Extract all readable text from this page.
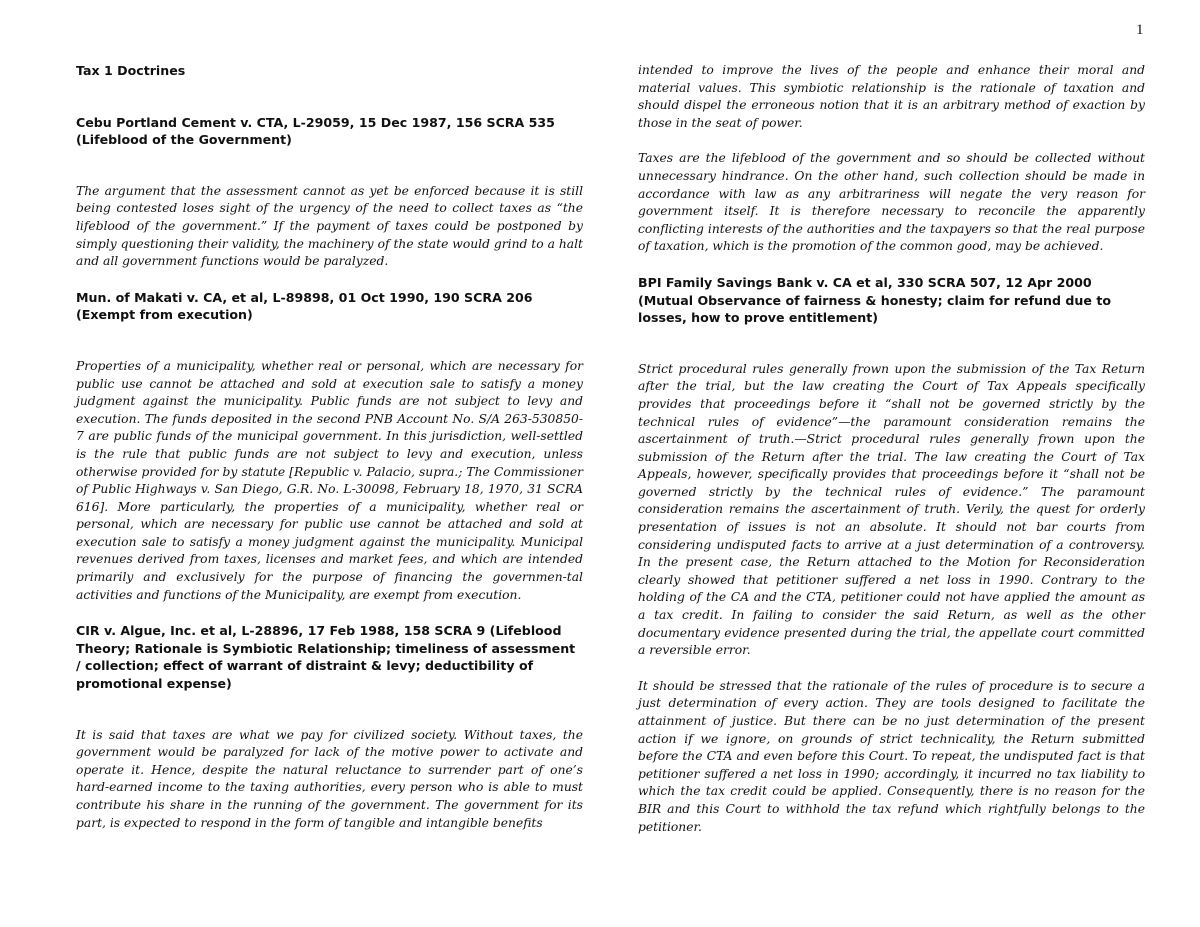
1

Tax 1 Doctrines

Cebu Portland Cement v. CTA, L-29059, 15 Dec 1987, 156 SCRA 535 (Lifeblood of the Government)

The argument that the assessment cannot as yet be enforced because it is still being contested loses sight of the urgency of the need to collect taxes as “the lifeblood of the government.” If the payment of taxes could be postponed by simply questioning their validity, the machinery of the state would grind to a halt and all government functions would be paralyzed.

Mun. of Makati v. CA, et al, L-89898, 01 Oct 1990, 190 SCRA 206 (Exempt from execution)

Properties of a municipality, whether real or personal, which are necessary for public use cannot be attached and sold at execution sale to satisfy a money judgment against the municipality. Public funds are not subject to levy and execution. The funds deposited in the second PNB Account No. S/A 263-530850-7 are public funds of the municipal government. In this jurisdiction, well-settled is the rule that public funds are not subject to levy and execution, unless otherwise provided for by statute [Republic v. Palacio, supra.; The Commissioner of Public Highways v. San Diego, G.R. No. L-30098, February 18, 1970, 31 SCRA 616]. More particularly, the properties of a municipality, whether real or personal, which are necessary for public use cannot be attached and sold at execution sale to satisfy a money judgment against the municipality. Municipal revenues derived from taxes, licenses and market fees, and which are intended primarily and exclusively for the purpose of financing the governmen-tal activities and functions of the Municipality, are exempt from execution.

CIR v. Algue, Inc. et al, L-28896, 17 Feb 1988, 158 SCRA 9 (Lifeblood Theory; Rationale is Symbiotic Relationship; timeliness of assessment / collection; effect of warrant of distraint & levy; deductibility of promotional expense)

It is said that taxes are what we pay for civilized society. Without taxes, the government would be paralyzed for lack of the motive power to activate and operate it. Hence, despite the natural reluctance to surrender part of one’s hard-earned income to the taxing authorities, every person who is able to must contribute his share in the running of the government. The government for its part, is expected to respond in the form of tangible and intangible benefits

intended to improve the lives of the people and enhance their moral and material values. This symbiotic relationship is the rationale of taxation and should dispel the erroneous notion that it is an arbitrary method of exaction by those in the seat of power.

Taxes are the lifeblood of the government and so should be collected without unnecessary hindrance. On the other hand, such collection should be made in accordance with law as any arbitrariness will negate the very reason for government itself. It is therefore necessary to reconcile the apparently conflicting interests of the authorities and the taxpayers so that the real purpose of taxation, which is the promotion of the common good, may be achieved.

BPI Family Savings Bank v. CA et al, 330 SCRA 507, 12 Apr 2000 (Mutual Observance of fairness & honesty; claim for refund due to losses, how to prove entitlement)

Strict procedural rules generally frown upon the submission of the Tax Return after the trial, but the law creating the Court of Tax Appeals specifically provides that proceedings before it “shall not be governed strictly by the technical rules of evidence”—the paramount consideration remains the ascertainment of truth.—Strict procedural rules generally frown upon the submission of the Return after the trial. The law creating the Court of Tax Appeals, however, specifically provides that proceedings before it “shall not be governed strictly by the technical rules of evidence.” The paramount consideration remains the ascertainment of truth. Verily, the quest for orderly presentation of issues is not an absolute. It should not bar courts from considering undisputed facts to arrive at a just determination of a controversy. In the present case, the Return attached to the Motion for Reconsideration clearly showed that petitioner suffered a net loss in 1990. Contrary to the holding of the CA and the CTA, petitioner could not have applied the amount as a tax credit. In failing to consider the said Return, as well as the other documentary evidence presented during the trial, the appellate court committed a reversible error.

It should be stressed that the rationale of the rules of procedure is to secure a just determination of every action. They are tools designed to facilitate the attainment of justice. But there can be no just determination of the present action if we ignore, on grounds of strict technicality, the Return submitted before the CTA and even before this Court. To repeat, the undisputed fact is that petitioner suffered a net loss in 1990; accordingly, it incurred no tax liability to which the tax credit could be applied. Consequently, there is no reason for the BIR and this Court to withhold the tax refund which rightfully belongs to the petitioner.
